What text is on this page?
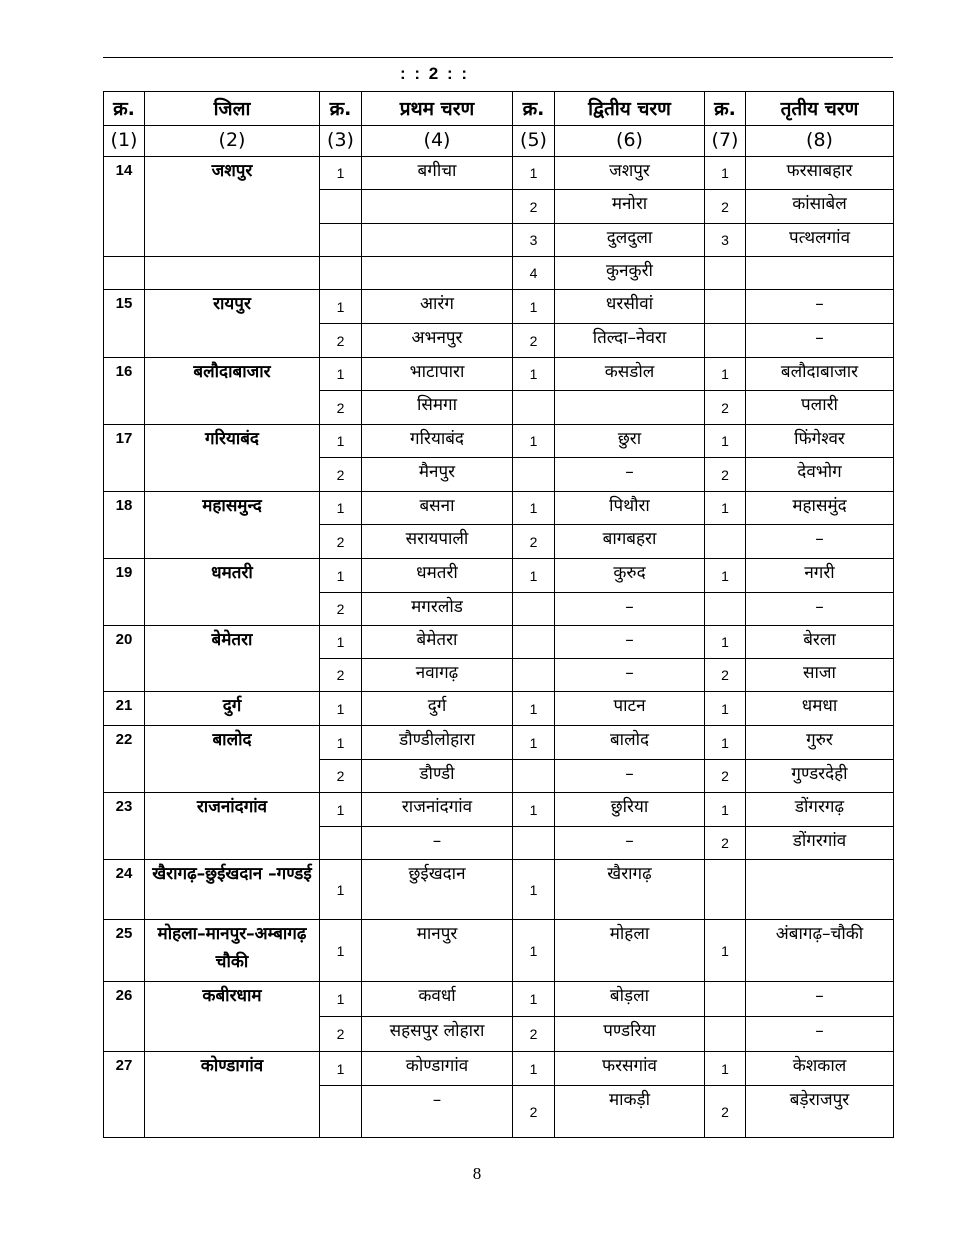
: : 2 : :
क्र.	जिला	क्र.	प्रथम चरण	क्र.	द्वितीय चरण	क्र.	तृतीय चरण
(1)	(2)	(3)	(4)	(5)	(6)	(7)	(8)
14	जशपुर	1	बगीचा	1	जशपुर	1	फरसाबहार
				2	मनोरा	2	कांसाबेल
				3	दुलदुला	3	पत्थलगांव
				4	कुनकुरी		
15	रायपुर	1	आरंग	1	धरसीवां		–
		2	अभनपुर	2	तिल्दा–नेवरा		–
16	बलौदाबाजार	1	भाटापारा	1	कसडोल	1	बलौदाबाजार
		2	सिमगा			2	पलारी
17	गरियाबंद	1	गरियाबंद	1	छुरा	1	फिंगेश्वर
		2	मैनपुर		–	2	देवभोग
18	महासमुन्द	1	बसना	1	पिथौरा	1	महासमुंद
		2	सरायपाली	2	बागबहरा		–
19	धमतरी	1	धमतरी	1	कुरुद	1	नगरी
		2	मगरलोड		–		–
20	बेमेतरा	1	बेमेतरा		–	1	बेरला
		2	नवागढ़		–	2	साजा
21	दुर्ग	1	दुर्ग	1	पाटन	1	धमधा
22	बालोद	1	डौण्डीलोहारा	1	बालोद	1	गुरुर
		2	डौण्डी		–	2	गुण्डरदेही
23	राजनांदगांव	1	राजनांदगांव	1	छुरिया	1	डोंगरगढ़
			–		–	2	डोंगरगांव
24	खैरागढ़–छुईखदान –गण्डई	1	छुईखदान	1	खैरागढ़		
25	मोहला–मानपुर–अम्बागढ़ चौकी	1	मानपुर	1	मोहला	1	अंबागढ़–चौकी
26	कबीरधाम	1	कवर्धा	1	बोड़ला		–
		2	सहसपुर लोहारा	2	पण्डरिया		–
27	कोण्डागांव	1	कोण्डागांव	1	फरसगांव	1	केशकाल
			–	2	माकड़ी	2	बड़ेराजपुर
8
